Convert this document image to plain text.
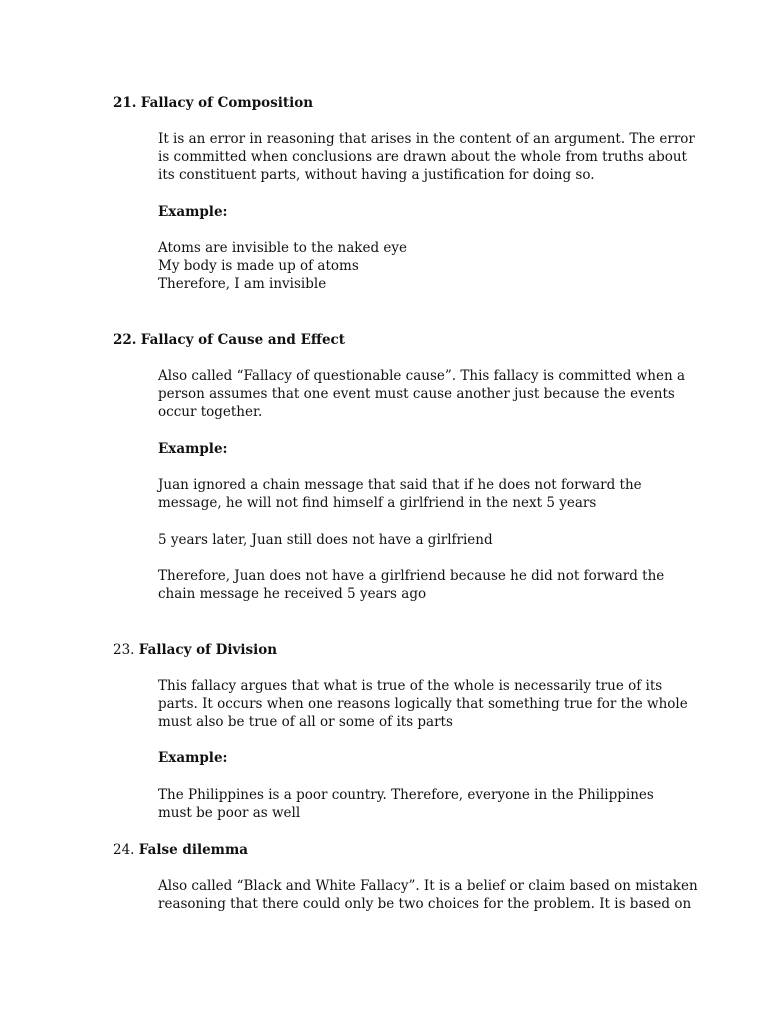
21. Fallacy of Composition
It is an error in reasoning that arises in the content of an argument. The error
is committed when conclusions are drawn about the whole from truths about
its constituent parts, without having a justification for doing so.
Example:
Atoms are invisible to the naked eye
My body is made up of atoms
Therefore, I am invisible
22. Fallacy of Cause and Effect
Also called “Fallacy of questionable cause”. This fallacy is committed when a
person assumes that one event must cause another just because the events
occur together.
Example:
Juan ignored a chain message that said that if he does not forward the
message, he will not find himself a girlfriend in the next 5 years
5 years later, Juan still does not have a girlfriend
Therefore, Juan does not have a girlfriend because he did not forward the
chain message he received 5 years ago
23. Fallacy of Division
This fallacy argues that what is true of the whole is necessarily true of its
parts. It occurs when one reasons logically that something true for the whole
must also be true of all or some of its parts
Example:
The Philippines is a poor country. Therefore, everyone in the Philippines
must be poor as well
24. False dilemma
Also called “Black and White Fallacy”. It is a belief or claim based on mistaken
reasoning that there could only be two choices for the problem. It is based on
